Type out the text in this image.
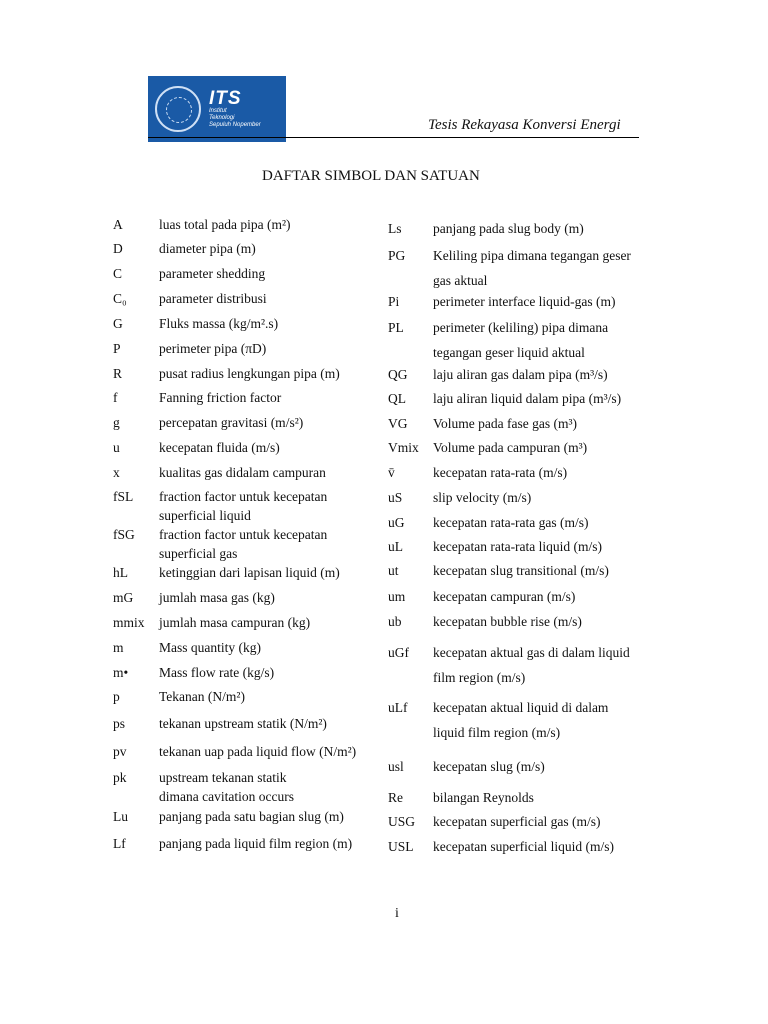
ITS
Institut
Teknologi
Sepuluh Nopember	Tesis Rekayasa Konversi Energi
DAFTAR SIMBOL DAN SATUAN
A	luas total pada pipa (m²)
D	diameter pipa (m)
C	parameter shedding
C₀ parameter distribusi
G	Fluks massa (kg/m².s)
P	perimeter pipa (πD)
R	pusat radius lengkungan pipa (m)
f	Fanning friction factor
g	percepatan gravitasi (m/s²)
u	kecepatan fluida (m/s)
x	kualitas gas didalam campuran
fSL fraction factor untuk kecepatan
superficial liquid
fSG fraction factor untuk kecepatan
superficial gas
hL ketinggian dari lapisan liquid (m)
mG jumlah masa gas (kg)
mmix jumlah masa campuran (kg)
m	Mass quantity (kg)
m• Mass flow rate (kg/s)
p	Tekanan (N/m²)
ps	tekanan upstream statik (N/m²)
pv tekanan uap pada liquid flow (N/m²)
pk upstream tekanan statik
dimana cavitation occurs
Lu panjang pada satu bagian slug (m)
Lf panjang pada liquid film region (m)
Ls panjang pada slug body (m)
PG Keliling pipa dimana tegangan geser
gas aktual
Pi perimeter interface liquid-gas (m)
PL perimeter (keliling) pipa dimana
tegangan geser liquid aktual
QG laju aliran gas dalam pipa (m³/s)
QL laju aliran liquid dalam pipa (m³/s)
VG Volume pada fase gas (m³)
Vmix Volume pada campuran (m³)
v̄	kecepatan rata-rata (m/s)
uS slip velocity (m/s)
uG kecepatan rata-rata gas (m/s)
uL kecepatan rata-rata liquid (m/s)
ut	kecepatan slug transitional (m/s)
um kecepatan campuran (m/s)
ub kecepatan bubble rise (m/s)
uGf kecepatan aktual gas di dalam liquid
film region (m/s)
uLf kecepatan aktual liquid di dalam
liquid film region (m/s)
usl kecepatan slug (m/s)
Re bilangan Reynolds
USG kecepatan superficial gas (m/s)
USL kecepatan superficial liquid (m/s)
i
